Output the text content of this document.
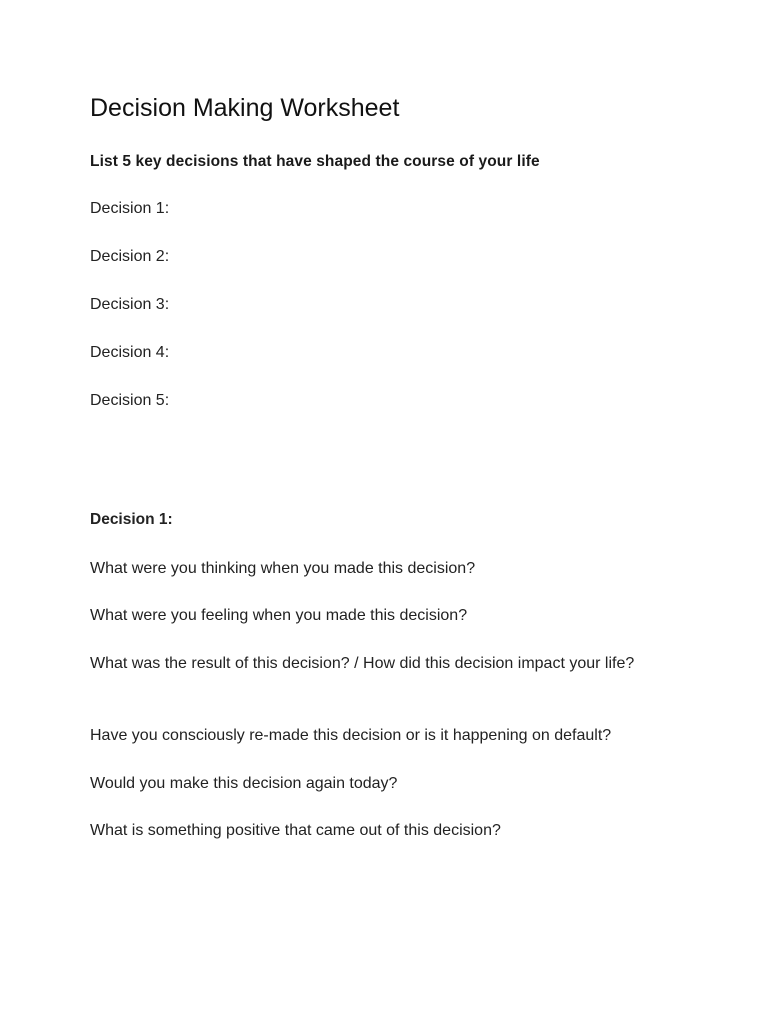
Decision Making Worksheet

List 5 key decisions that have shaped the course of your life

Decision 1:

Decision 2:

Decision 3:

Decision 4:

Decision 5:

Decision 1:

What were you thinking when you made this decision?

What were you feeling when you made this decision?

What was the result of this decision? / How did this decision impact your life?

Have you consciously re-made this decision or is it happening on default?

Would you make this decision again today?

What is something positive that came out of this decision?
